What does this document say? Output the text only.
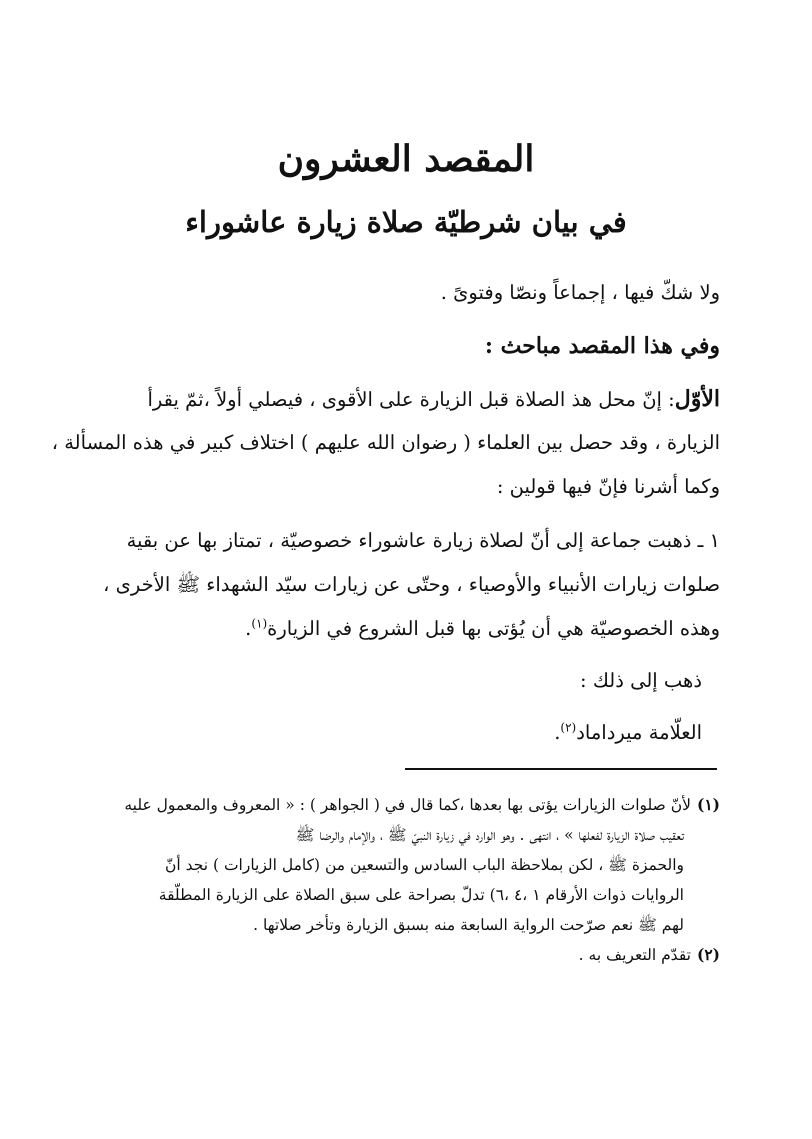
المقصد العشرون
في بيان شرطيّة صلاة زيارة عاشوراء

ولا شكّ فيها ، إجماعاً ونصّا وفتوىً .

وفي هذا المقصد مباحث :

الأوّل: إنّ محل هذ الصلاة قبل الزيارة على الأقوى ، فيصلي أولاً ،ثمّ يقرأ

الزيارة ، وقد حصل بين العلماء ( رضوان الله عليهم ) اختلاف كبير في هذه المسألة ،

وكما أشرنا فإنّ فيها قولين :

١ ـ ذهبت جماعة إلى أنّ لصلاة زيارة عاشوراء خصوصيّة ، تمتاز بها عن بقية

صلوات زيارات الأنبياء والأوصياء ، وحتّى عن زيارات سيّد الشهداء ﷺ الأخرى ،

وهذه الخصوصيّة هي أن يُؤتى بها قبل الشروع في الزيارة$^{(١)}$.

ذهب إلى ذلك :

العلّامة ميرداماد$^{(٢)}$.

(١)لأنّ صلوات الزيارات يؤتى بها بعدها ،كما قال في ( الجواهر ) : « المعروف والمعمول عليه

تعقيب صلاة الزيارة لفعلها » ، انتهى . وهو الوارد في زيارة النبيّ ﷺ ، والإمام والرضا ﷺ

والحمزة ﷺ ، لكن بملاحظة الباب السادس والتسعين من (كامل الزيارات ) نجد أنّ

الروايات ذوات الأرقام ١ ،٤ ،٦) تدلّ بصراحة على سبق الصلاة على الزيارة المطلّقة

لهم ﷺ نعم صرّحت الرواية السابعة منه بسبق الزيارة وتأخر صلاتها .

(٢)تقدّم التعريف به .
